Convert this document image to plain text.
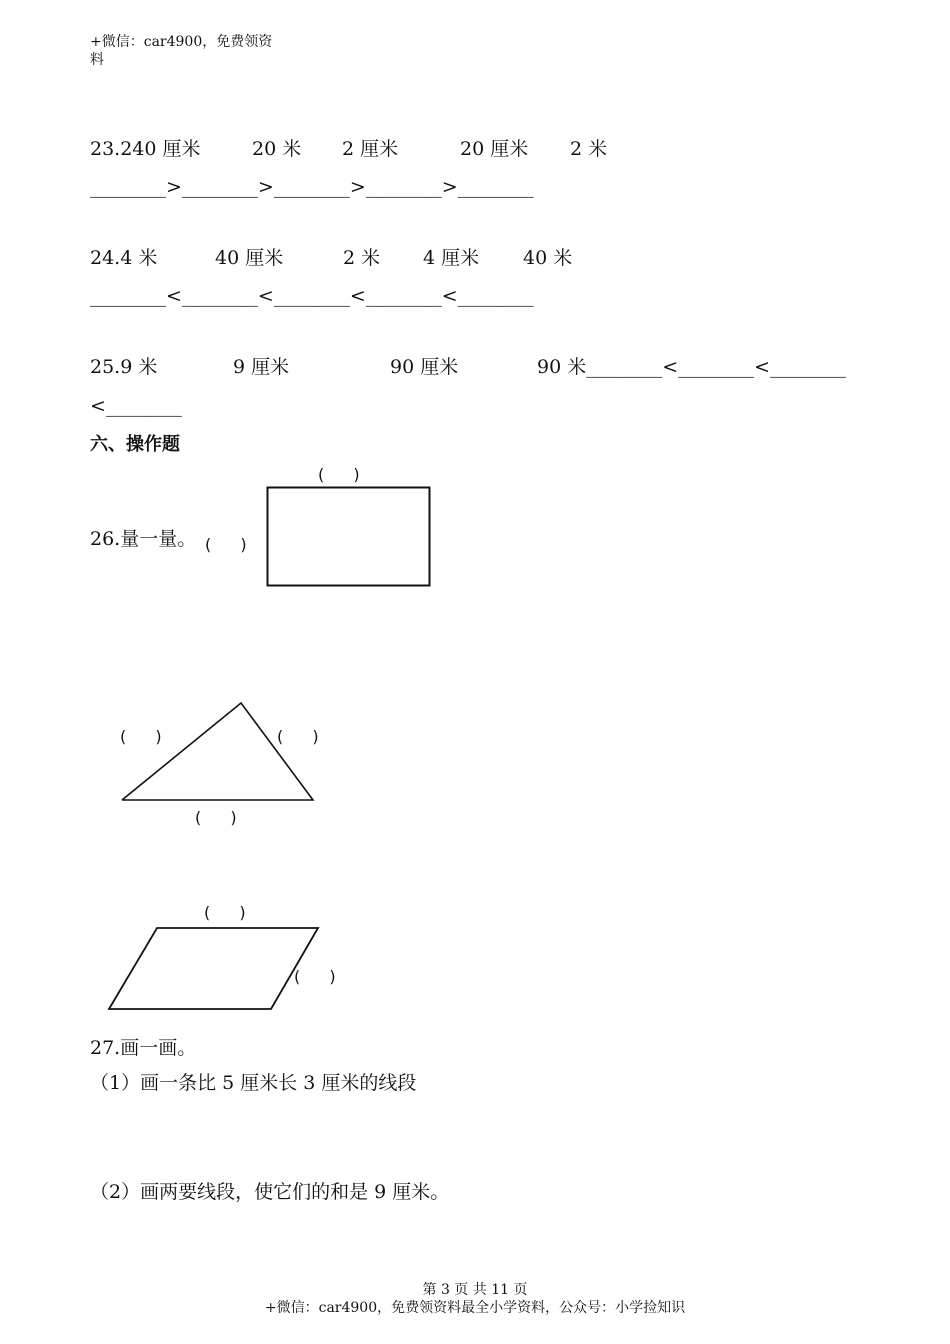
+微信：car4900，免费领资
料
23.240 厘米	20 米 2 厘米	20 厘米 2 米
________>________>________>________>________
24.4 米	40 厘米	2 米 4 厘米 40 米
________<________<________<________<________
25.9 米	9 厘米	90 厘米	90 米________<________<________
<________
六、操作题
26.量一量。
( )
( )
( )	( )
( )
( )
( )
27.画一画。
（1）画一条比 5 厘米长 3 厘米的线段
（2）画两要线段，使它们的和是 9 厘米。
第 3 页 共 11 页
+微信：car4900，免费领资料最全小学资料，公众号：小学捡知识
